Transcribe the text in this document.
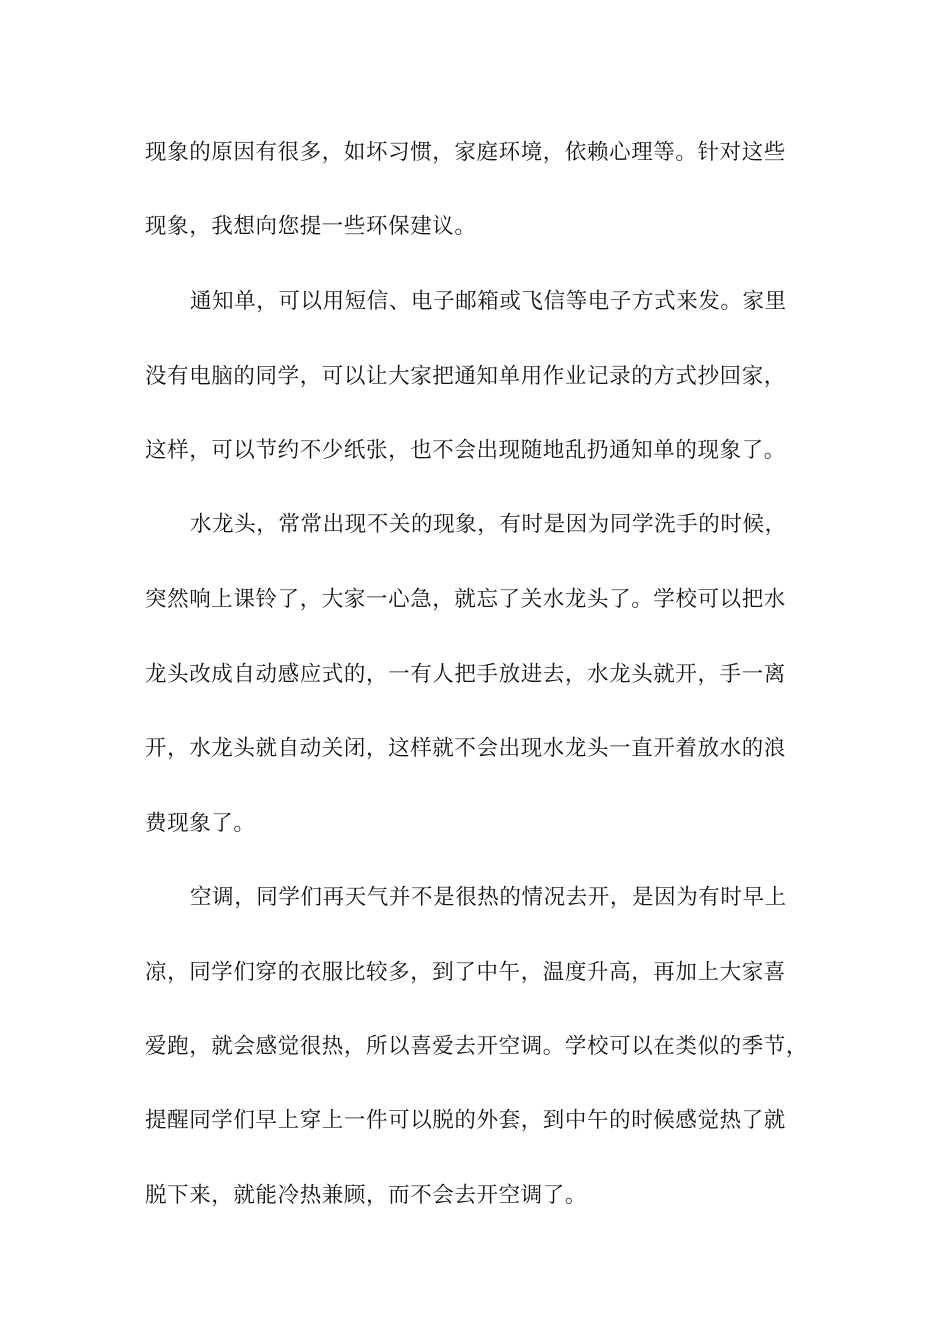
现象的原因有很多，如坏习惯，家庭环境，依赖心理等。针对这些
现象，我想向您提一些环保建议。
通知单，可以用短信、电子邮箱或飞信等电子方式来发。家里
没有电脑的同学，可以让大家把通知单用作业记录的方式抄回家，
这样，可以节约不少纸张，也不会出现随地乱扔通知单的现象了。
水龙头，常常出现不关的现象，有时是因为同学洗手的时候，
突然响上课铃了，大家一心急，就忘了关水龙头了。学校可以把水
龙头改成自动感应式的，一有人把手放进去，水龙头就开，手一离
开，水龙头就自动关闭，这样就不会出现水龙头一直开着放水的浪
费现象了。
空调，同学们再天气并不是很热的情况去开，是因为有时早上
凉，同学们穿的衣服比较多，到了中午，温度升高，再加上大家喜
爱跑，就会感觉很热，所以喜爱去开空调。学校可以在类似的季节，
提醒同学们早上穿上一件可以脱的外套，到中午的时候感觉热了就
脱下来，就能冷热兼顾，而不会去开空调了。
